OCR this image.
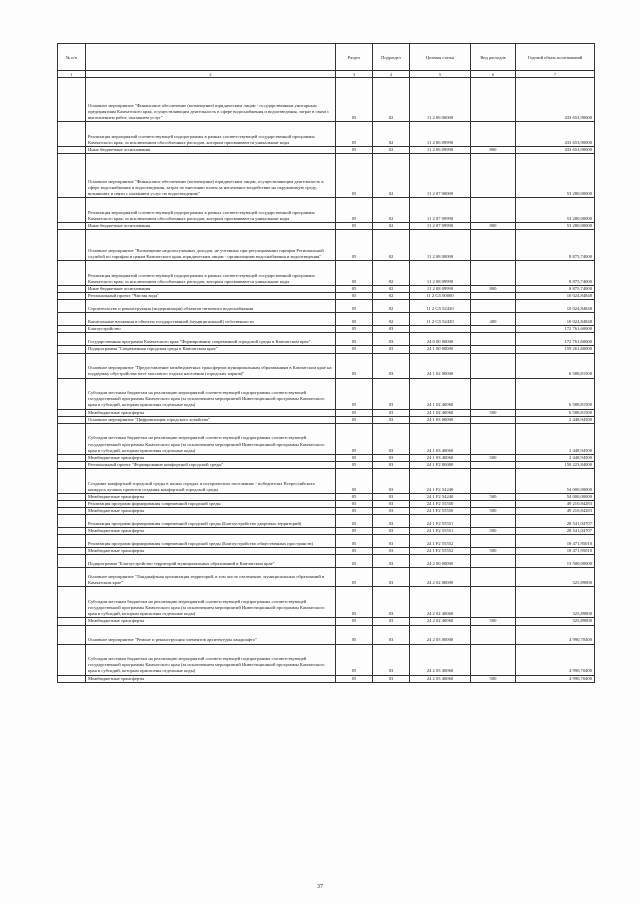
№ п/п		Раздел	Подраздел	Целевая статья	Вид расходов	Годовой объем ассигнований
1	2	3	4	5	6	7
	Основное мероприятие "Финансовое обеспечение (возмещение) юридическим лицам - государственным унитарным предприятиям Камчатского края, осуществляющим деятельность в сфере водоснабжения и водоотведения, затрат в связи с выполнением работ, оказанием услуг"	05	02	11 2 06 00000		433 653,90000
	Реализация мероприятий соответствующей подпрограммы в рамках соответствующей государственной программы Камчатского края, за исключением обособленных расходов, которым присваиваются уникальные коды	05	02	11 2 06 09990		433 653,90000
	Иные бюджетные ассигнования	05	02	11 2 06 09990	800	433 653,90000
	Основное мероприятие "Финансовое обеспечение (возмещение) юридическим лицам, осуществляющим деятельность в сфере водоснабжения и водоотведения, затрат по внесению платы за негативное воздействие на окружающую среду, возникших в связи с оказанием услуг по водоотведению"	05	02	11 2 07 00000		53 280,00000
	Реализация мероприятий соответствующей подпрограммы в рамках соответствующей государственной программы Камчатского края, за исключением обособленных расходов, которым присваиваются уникальные коды	05	02	11 2 07 09990		53 280,00000
	Иные бюджетные ассигнования	05	02	11 2 07 09990	800	53 280,00000
	Основное мероприятие "Возмещение недополученных доходов, не учтенных при регулировании тарифов Региональной службой по тарифам и ценам Камчатского края, юридическим лицам - организациям водоснабжения и водоотведения"	05	02	11 2 08 00000		8 875,74000
	Реализация мероприятий соответствующей подпрограммы в рамках соответствующей государственной программы Камчатского края, за исключением обособленных расходов, которым присваиваются уникальные коды	05	02	11 2 08 09990		8 875,74000
	Иные бюджетные ассигнования	05	02	11 2 08 09990	800	8 875,74000
	Региональный проект "Чистая вода"	05	02	11 2 G5 00000		10 024,84848
	Строительство и реконструкция (модернизация) объектов питьевого водоснабжения	05	02	11 2 G5 52430		10 024,84848
	Капитальные вложения в объекты государственной (муниципальной) собственности	05	02	11 2 G5 52430	400	10 024,84848
	Благоустройство	05	03			172 761,60000
	Государственная программа Камчатского края "Формирование современной городской среды в Камчатском крае"	05	03	24 0 00 00000		172 761,60000
	Подпрограмма "Современная городская среда в Камчатском крае"	05	03	24 1 00 00000		159 261,60000
	Основное мероприятие "Предоставление межбюджетных трансфертов муниципальным образованиям в Камчатском крае на поддержку обустройства мест массового отдыха населения (городских парков)"	05	03	24 1 02 00000		6 588,81500
	Субсидии местным бюджетам на реализацию мероприятий соответствующей подпрограммы соответствующей государственной программы Камчатского края (за исключением мероприятий Инвестиционной программы Камчатского края и субсидий, которым присвоены отдельные коды)	05	03	24 1 02 40060		6 588,81500
	Межбюджетные трансферты	05	03	24 1 02 40060	500	6 588,81500
	Основное мероприятие "Цифровизация городского хозяйства"	05	03	24 1 03 00000		2 448,94500
	Субсидии местным бюджетам на реализацию мероприятий соответствующей подпрограммы соответствующей государственной программы Камчатского края (за исключением мероприятий Инвестиционной программы Камчатского края и субсидий, которым присвоены отдельные коды)	05	03	24 1 03 40060		2 448,94500
	Межбюджетные трансферты	05	03	24 1 03 40060	500	2 448,94500
	Региональный проект "Формирование комфортной городской среды"	05	03	24 1 F2 00000		150 223,84000
	Создание комфортной городской среды в малых городах и исторических поселениях - победителях Всероссийского конкурса лучших проектов создания комфортной городской среды	05	03	24 1 F2 54240		54 000,00000
	Межбюджетные трансферты	05	03	24 1 F2 54240	500	54 000,00000
	Реализация программ формирования современной городской среды	05	03	24 1 F2 55550		49 210,84283
	Межбюджетные трансферты	05	03	24 1 F2 55550	500	49 210,84283
	Реализация программ формирования современной городской среды (Благоустройство дворовых территорий)	05	03	24 1 F2 55551		28 541,04707
	Межбюджетные трансферты	05	03	24 1 F2 55551	500	28 541,04707
	Реализация программ формирования современной городской среды (Благоустройство общественных пространств)	05	03	24 1 F2 55552		18 471,95010
	Межбюджетные трансферты	05	03	24 1 F2 55552	500	18 471,95010
	Подпрограмма "Благоустройство территорий муниципальных образований в Камчатском крае"	05	03	24 2 00 00000		13 500,00000
	Основное мероприятие "Ландшафтная организация территорий, в том числе озеленение, муниципальных образований в Камчатском крае"	05	03	24 2 02 00000		325,89800
	Субсидии местным бюджетам на реализацию мероприятий соответствующей подпрограммы соответствующей государственной программы Камчатского края (за исключением мероприятий Инвестиционной программы Камчатского края и субсидий, которым присвоены отдельные коды)	05	03	24 2 02 40060		325,89800
	Межбюджетные трансферты	05	03	24 2 02 40060	500	325,89800
	Основное мероприятие "Ремонт и реконструкция элементов архитектуры ландшафта"	05	03	24 2 03 00000		4 990,70400
	Субсидии местным бюджетам на реализацию мероприятий соответствующей подпрограммы соответствующей государственной программы Камчатского края (за исключением мероприятий Инвестиционной программы Камчатского края и субсидий, которым присвоены отдельные коды)	05	03	24 2 03 40060		4 990,70400
	Межбюджетные трансферты	05	03	24 2 03 40060	500	4 990,70400
37
